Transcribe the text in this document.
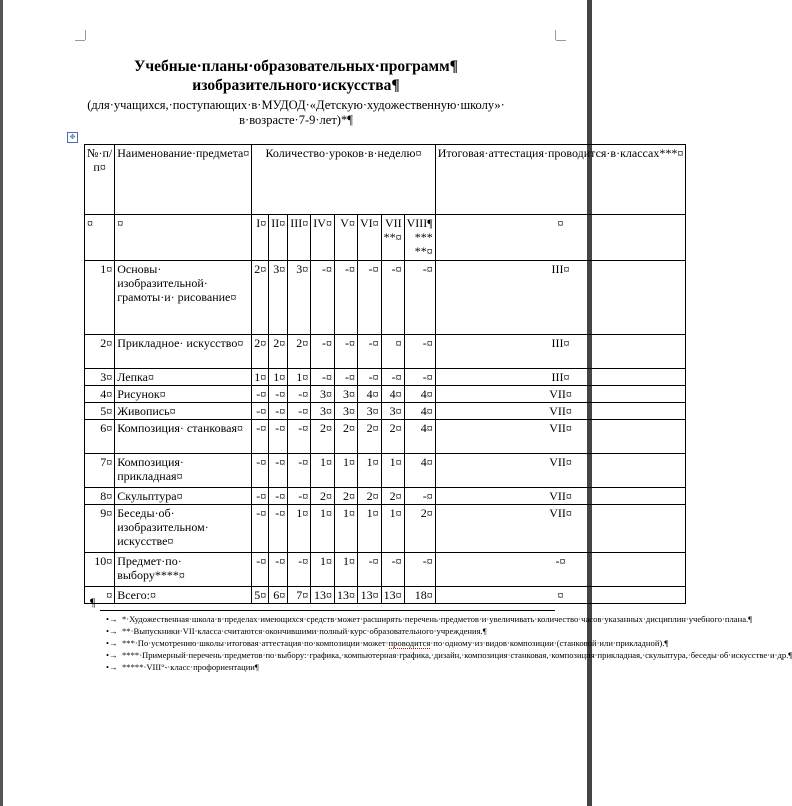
Учебные·планы·образовательных·программ¶
изобразительного·искусства¶
(для·учащихся,·поступающих·в·МУДОД·«Детскую·художественную·школу»·
в·возрасте·7-9·лет)*¶
✥
№·п/п¤	Наименование·предмета¤	Количество·уроков·в·неделю¤								Итоговая·аттестация·проводится·в·классах***¤
¤	¤	I¤	II¤	III¤	IV¤	V¤	VI¤	VII **¤	VIII¶ *** **¤	¤
1¤	Основы· изобразительной· грамоты·и· рисование¤	2¤	3¤	3¤	-¤	-¤	-¤	-¤	-¤	III¤
2¤	Прикладное· искусство¤	2¤	2¤	2¤	-¤	-¤	-¤	¤	-¤	III¤
3¤	Лепка¤	1¤	1¤	1¤	-¤	-¤	-¤	-¤	-¤	III¤
4¤	Рисунок¤	-¤	-¤	-¤	3¤	3¤	4¤	4¤	4¤	VII¤
5¤	Живопись¤	-¤	-¤	-¤	3¤	3¤	3¤	3¤	4¤	VII¤
6¤	Композиция· станковая¤	-¤	-¤	-¤	2¤	2¤	2¤	2¤	4¤	VII¤
7¤	Композиция· прикладная¤	-¤	-¤	-¤	1¤	1¤	1¤	1¤	4¤	VII¤
8¤	Скульптура¤	-¤	-¤	-¤	2¤	2¤	2¤	2¤	-¤	VII¤
9¤	Беседы·об· изобразительном· искусстве¤	-¤	-¤	1¤	1¤	1¤	1¤	1¤	2¤	VII¤
10¤	Предмет·по· выбору****¤	-¤	-¤	-¤	1¤	1¤	-¤	-¤	-¤	-¤
¤	Всего:¤	5¤	6¤	7¤	13¤	13¤	13¤	13¤	18¤	¤
¶
•→ *·Художественная·школа·в·пределах·имеющихся·средств·может·расширять·перечень·предметов·и·увеличивать·количество·часов·указанных·дисциплин·учебного·плана.¶
•→ **·Выпускники·VII·класса·считаются·окончившими·полный·курс·образовательного·учреждения.¶
•→ ***·По·усмотрению·школы·итоговая·аттестация·по·композиции·может·проводится·по·одному·из·видов·композиции·(станковой·или·прикладной).¶
•→ ****·Примерный·перечень·предметов·по·выбору:·графика,·компьютерная·графика,·дизайн,·композиция·станковая,·композиция·прикладная,·скульптура,·беседы·об·искусстве·и·др.¶
•→ *****·VIII°-·класс·профориентации¶
